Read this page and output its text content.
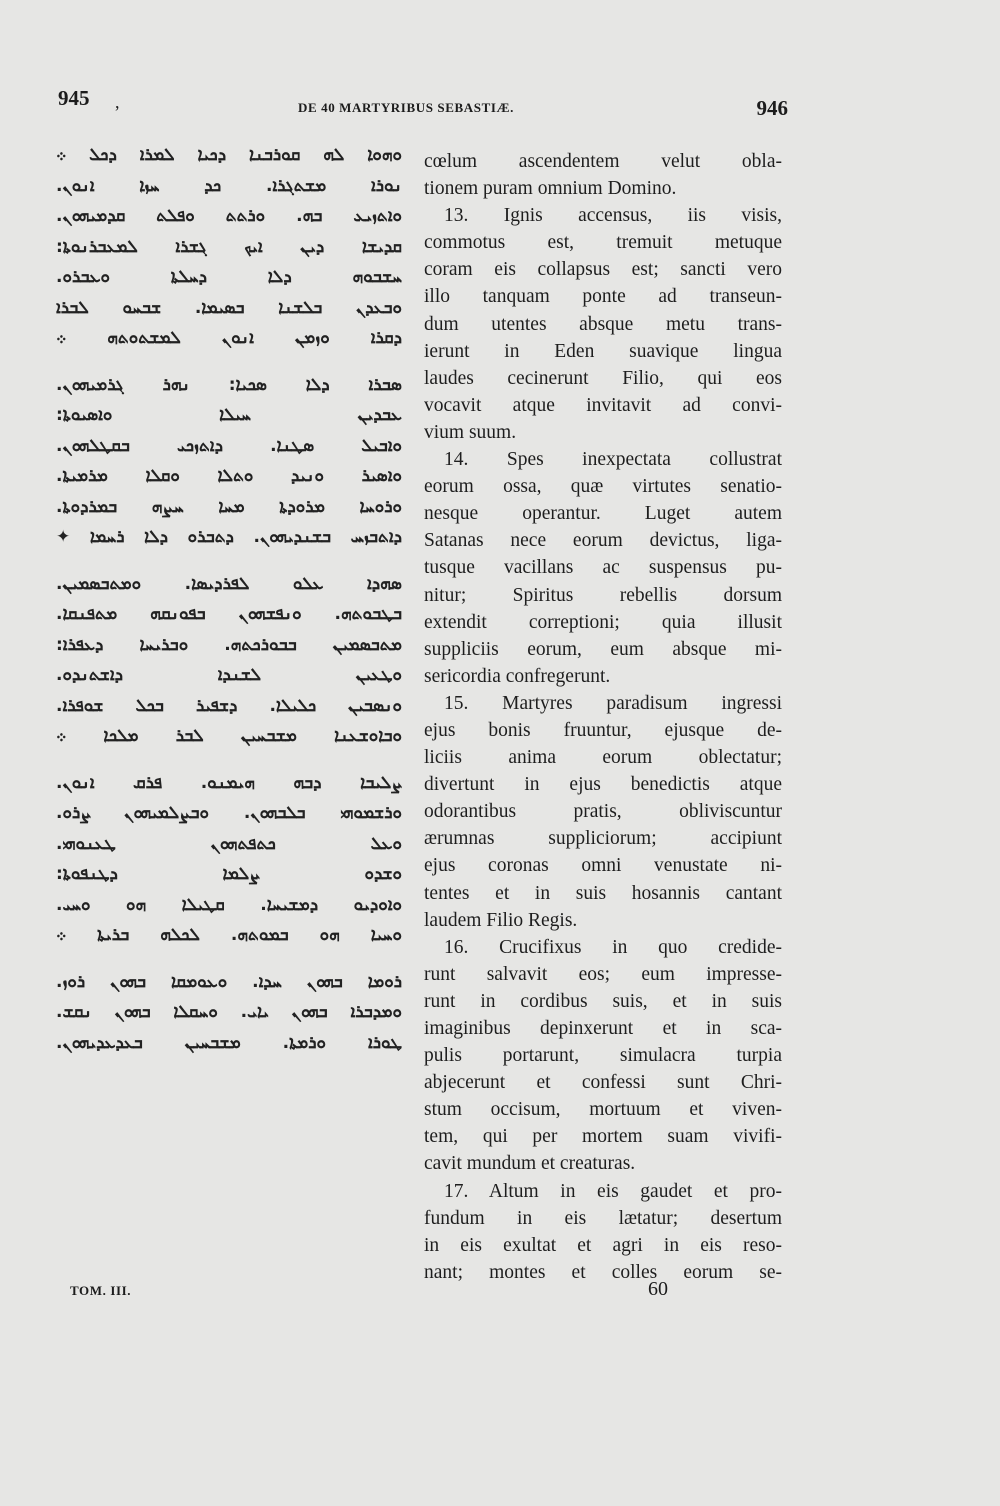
945 ,	DE 40 MARTYRIBUS SEBASTIÆ.	946
ܘܗܘܐ ܠܗ ܩܘܪܒܢܐ ܕܟܝܐ ܠܡܪܐ ܕܟܠ ܀
ܢܘܪܐ ܡܫܬܓܪܐ. ܟܕ ܚܙܐ ܐܢܘܢ.
ܘܐܬܙܝܥ ܒܗ. ܘܪܬܬ ܘܦܠܬ ܩܕܡܝܗܘܢ.
ܩܕܝܫܐ ܕܝܢ ܐܝܟ ܓܫܪܐ ܠܡܥܒܪܢܘܬܐ:
ܚܫܒܘܗ ܕܠܐ ܕܚܠܬܐ ܘܥܒܪܘ.
ܘܒܥܕܢ ܒܠܫܢܐ ܒܣܝܡܐ. ܫܒܚܘ ܠܒܪܐ
ܕܩܪܐ ܘܙܡܢ ܐܢܘܢ ܠܡܫܬܘܬܗ ܀
ܣܒܪܐ ܕܠܐ ܣܟܝܐ: ܢܗܪ ܓܪܡܝܗܘܢ.
ܥܒܕܝܢ ܚܝܠܐ ܘܐܣܝܘܬܐ:
ܘܐܒܝܠ ܣܛܢܐ. ܕܐܬܙܟܝ ܒܩܛܠܗܘܢ.
ܘܐܣܝܪ ܘܢܝܕ ܘܬܠܐ ܘܩܠܐ ܡܪܡܝܬܐ.
ܘܪܘܚܐ ܡܪܘܕܬܐ ܡܚܐ ܚܨܗ ܒܡܪܕܘܬܐ.
ܕܐܬܒܙܚ ܒܫܢܕܝܗܘܢ. ܕܬܒܪܘ ܕܠܐ ܪܚܡܐ ✦
ܣܗܕܐ ܥܠܘ ܠܦܪܕܝܣܐ. ܘܡܬܒܣܡܝܢ.
ܒܛܒܘܬܗ. ܘܢܦܫܗܘܢ ܒܦܘܢܩܗ ܡܬܦܢܩܐ.
ܡܬܒܣܡܝܢ ܒܒܘܪܟܬܗ. ܘܒܪܝܚܐ ܕܥܦܪܐ:
ܘܛܥܝܢ ܠܫܢܕܐ ܕܐܫܬܢܕܘ.
ܘܢܣܒܝܢ ܟܠܝܠܐ. ܕܫܦܝܪ ܒܟܠ ܫܘܦܪܐ.
ܘܒܐܘܫܥܢܐ ܡܫܒܚܝܢ ܠܒܪ ܡܠܟܐ ܀
ܨܠܝܒܐ ܕܒܗ ܗܝܡܢܘ. ܦܪܩ ܐܢܘܢ.
ܘܪܫܡܘܗܝ ܒܠܒܗܘܢ. ܘܒܨܠܡܝܗܘܢ ܨܪܘ.
ܘܥܠ ܟܬܦܬܗܘܢ ܛܥܢܘܗܝ.
ܘܫܕܘ ܨܠܡܐ ܕܛܢܦܘܬܐ:
ܘܐܘܕܝܘ ܕܡܫܝܚܐ. ܩܛܝܠܐ ܗܘ ܘܚܝ.
ܘܚܝܐ ܗܘ ܒܡܘܬܗ. ܠܟܠܗ ܒܪܝܬܐ ܀
ܪܘܡܐ ܒܗܘܢ ܚܕܐ. ܘܥܘܡܩܐ ܒܗܘܢ ܪܘܙ.
ܘܡܕܒܪܐ ܒܗܘܢ ܝܐܝ. ܘܚܩܠܐ ܒܗܘܢ ܢܩܫ.
ܛܘܪܐ ܘܪܡܬܐ. ܡܫܒܚܝܢ ܒܥܕܥܕܝܗܘܢ.
cœlum ascendentem velut obla-
tionem puram omnium Domino.
13. Ignis accensus, iis visis,
commotus est, tremuit metuque
coram eis collapsus est; sancti vero
illo tanquam ponte ad transeun-
dum utentes absque metu trans-
ierunt in Eden suavique lingua
laudes cecinerunt Filio, qui eos
vocavit atque invitavit ad convi-
vium suum.
14. Spes inexpectata collustrat
eorum ossa, quæ virtutes senatio-
nesque operantur. Luget autem
Satanas nece eorum devictus, liga-
tusque vacillans ac suspensus pu-
nitur; Spiritus rebellis dorsum
extendit correptioni; quia illusit
suppliciis eorum, eum absque mi-
sericordia confregerunt.
15. Martyres paradisum ingressi
ejus bonis fruuntur, ejusque de-
liciis anima eorum oblectatur;
divertunt in ejus benedictis atque
odorantibus pratis, obliviscuntur
ærumnas suppliciorum; accipiunt
ejus coronas omni venustate ni-
tentes et in suis hosannis cantant
laudem Filio Regis.
16. Crucifixus in quo credide-
runt salvavit eos; eum impresse-
runt in cordibus suis, et in suis
imaginibus depinxerunt et in sca-
pulis portarunt, simulacra turpia
abjecerunt et confessi sunt Chri-
stum occisum, mortuum et viven-
tem, qui per mortem suam vivifi-
cavit mundum et creaturas.
17. Altum in eis gaudet et pro-
fundum in eis lætatur; desertum
in eis exultat et agri in eis reso-
nant; montes et colles eorum se-
TOM. III.	60
